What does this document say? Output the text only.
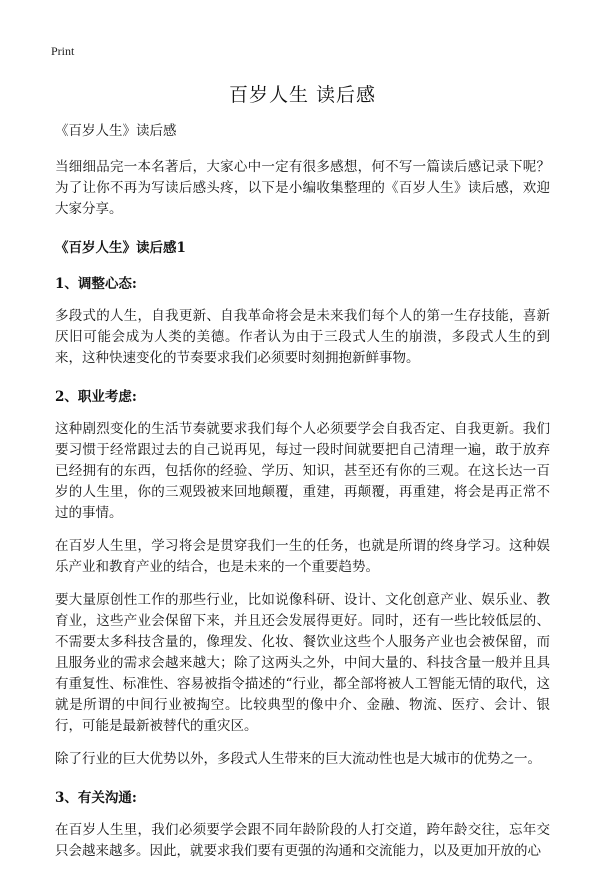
Print
百岁人生 读后感
《百岁人生》读后感

当细细品完一本名著后，大家心中一定有很多感想，何不写一篇读后感记录下呢？为了让你不再为写读后感头疼，以下是小编收集整理的《百岁人生》读后感，欢迎大家分享。

《百岁人生》读后感1
1、调整心态:

多段式的人生，自我更新、自我革命将会是未来我们每个人的第一生存技能，喜新厌旧可能会成为人类的美德。作者认为由于三段式人生的崩溃，多段式人生的到来，这种快速变化的节奏要求我们必须要时刻拥抱新鲜事物。

2、职业考虑:

这种剧烈变化的生活节奏就要求我们每个人必须要学会自我否定、自我更新。我们要习惯于经常跟过去的自己说再见，每过一段时间就要把自己清理一遍，敢于放弃已经拥有的东西，包括你的经验、学历、知识，甚至还有你的三观。在这长达一百岁的人生里，你的三观毁被来回地颠覆，重建，再颠覆，再重建，将会是再正常不过的事情。

在百岁人生里，学习将会是贯穿我们一生的任务，也就是所谓的终身学习。这种娱乐产业和教育产业的结合，也是未来的一个重要趋势。

要大量原创性工作的那些行业，比如说像科研、设计、文化创意产业、娱乐业、教育业，这些产业会保留下来，并且还会发展得更好。同时，还有一些比较低层的、不需要太多科技含量的，像理发、化妆、餐饮业这些个人服务产业也会被保留，而且服务业的需求会越来越大；除了这两头之外，中间大量的、科技含量一般并且具有重复性、标准性、容易被指令描述的“行业，都全部将被人工智能无情的取代，这就是所谓的中间行业被掏空。比较典型的像中介、金融、物流、医疗、会计、银行，可能是最新被替代的重灾区。

除了行业的巨大优势以外，多段式人生带来的巨大流动性也是大城市的优势之一。

3、有关沟通:

在百岁人生里，我们必须要学会跟不同年龄阶段的人打交道，跨年龄交往，忘年交只会越来越多。因此，就要求我们要有更强的沟通和交流能力，以及更加开放的心
